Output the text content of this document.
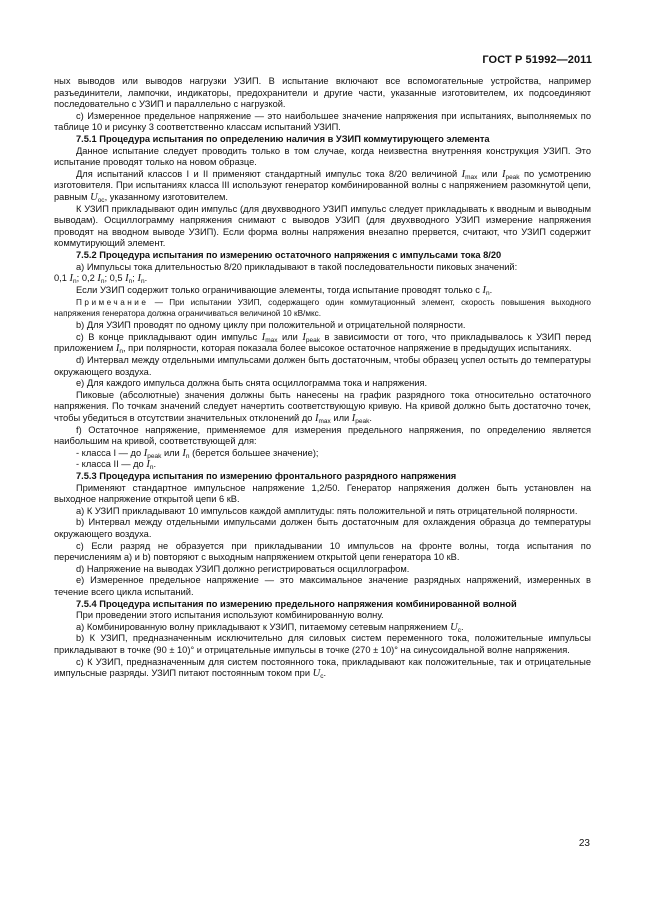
ГОСТ Р 51992—2011

ных выводов или выводов нагрузки УЗИП. В испытание включают все вспомогательные устройства, например разъединители, лампочки, индикаторы, предохранители и другие части, указанные изготовителем, их подсоединяют последовательно с УЗИП и параллельно с нагрузкой.

c) Измеренное предельное напряжение — это наибольшее значение напряжения при испытаниях, выполняемых по таблице 10 и рисунку 3 соответственно классам испытаний УЗИП.

7.5.1 Процедура испытания по определению наличия в УЗИП коммутирующего элемента

Данное испытание следует проводить только в том случае, когда неизвестна внутренняя конструкция УЗИП. Это испытание проводят только на новом образце.

Для испытаний классов I и II применяют стандартный импульс тока 8/20 величиной $I_{max}$ или $I_{peak}$ по усмотрению изготовителя. При испытаниях класса III используют генератор комбинированной волны с напряжением разомкнутой цепи, равным $U_{oc}$, указанному изготовителем.

К УЗИП прикладывают один импульс (для двухвводного УЗИП импульс следует прикладывать к вводным и выводным выводам). Осциллограмму напряжения снимают с выводов УЗИП (для двухвводного УЗИП измерение напряжения проводят на вводном выводе УЗИП). Если форма волны напряжения внезапно прервется, считают, что УЗИП содержит коммутирующий элемент.

7.5.2 Процедура испытания по измерению остаточного напряжения с импульсами тока 8/20

a) Импульсы тока длительностью 8/20 прикладывают в такой последовательности пиковых значений:

0,1 $I_n$; 0,2 $I_n$; 0,5 $I_n$; $I_n$.

Если УЗИП содержит только ограничивающие элементы, тогда испытание проводят только с $I_n$.

Примечание — При испытании УЗИП, содержащего один коммутационный элемент, скорость повышения выходного напряжения генератора должна ограничиваться величиной 10 кВ/мкс.

b) Для УЗИП проводят по одному циклу при положительной и отрицательной полярности.

c) В конце прикладывают один импульс $I_{max}$ или $I_{peak}$ в зависимости от того, что прикладывалось к УЗИП перед приложением $I_n$, при полярности, которая показала более высокое остаточное напряжение в предыдущих испытаниях.

d) Интервал между отдельными импульсами должен быть достаточным, чтобы образец успел остыть до температуры окружающего воздуха.

e) Для каждого импульса должна быть снята осциллограмма тока и напряжения.

Пиковые (абсолютные) значения должны быть нанесены на график разрядного тока относительно остаточного напряжения. По точкам значений следует начертить соответствующую кривую. На кривой должно быть достаточно точек, чтобы убедиться в отсутствии значительных отклонений до $I_{max}$ или $I_{peak}$.

f) Остаточное напряжение, применяемое для измерения предельного напряжения, по определению является наибольшим на кривой, соответствующей для:

- класса I — до $I_{peak}$ или $I_n$ (берется большее значение);

- класса II — до $I_n$.

7.5.3 Процедура испытания по измерению фронтального разрядного напряжения

Применяют стандартное импульсное напряжение 1,2/50. Генератор напряжения должен быть установлен на выходное напряжение открытой цепи 6 кВ.

a) К УЗИП прикладывают 10 импульсов каждой амплитуды: пять положительной и пять отрицательной полярности.

b) Интервал между отдельными импульсами должен быть достаточным для охлаждения образца до температуры окружающего воздуха.

c) Если разряд не образуется при прикладывании 10 импульсов на фронте волны, тогда испытания по перечислениям a) и b) повторяют с выходным напряжением открытой цепи генератора 10 кВ.

d) Напряжение на выводах УЗИП должно регистрироваться осциллографом.

e) Измеренное предельное напряжение — это максимальное значение разрядных напряжений, измеренных в течение всего цикла испытаний.

7.5.4 Процедура испытания по измерению предельного напряжения комбинированной волной

При проведении этого испытания используют комбинированную волну.

a) Комбинированную волну прикладывают к УЗИП, питаемому сетевым напряжением $U_c$.

b) К УЗИП, предназначенным исключительно для силовых систем переменного тока, положительные импульсы прикладывают в точке (90 ± 10)° и отрицательные импульсы в точке (270 ± 10)° на синусоидальной волне напряжения.

c) К УЗИП, предназначенным для систем постоянного тока, прикладывают как положительные, так и отрицательные импульсные разряды. УЗИП питают постоянным током при $U_c$.

23
